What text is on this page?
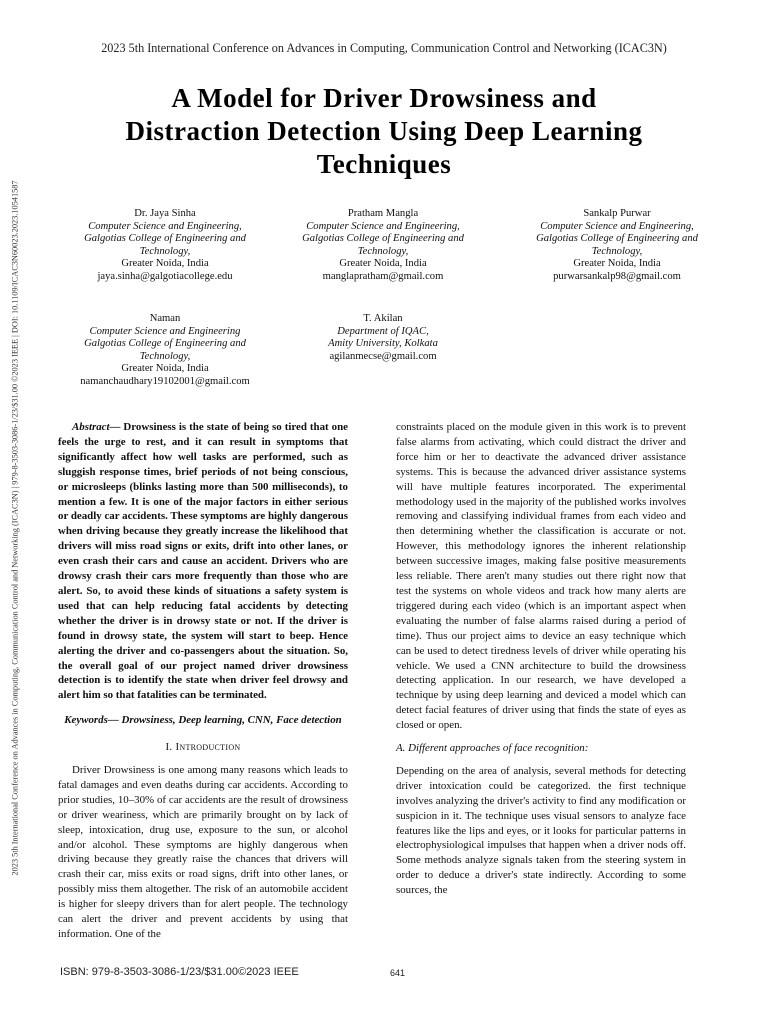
2023 5th International Conference on Advances in Computing, Communication Control and Networking (ICAC3N)
2023 5th International Conference on Advances in Computing, Communication Control and Networking (ICAC3N) | 979-8-3503-3086-1/23/$31.00 ©2023 IEEE | DOI: 10.1109/ICAC3N60023.2023.10541587
A Model for Driver Drowsiness and
Distraction Detection Using Deep Learning
Techniques
Dr. Jaya Sinha
Computer Science and Engineering,
Galgotias College of Engineering and
Technology,
Greater Noida, India
jaya.sinha@galgotiacollege.edu
Pratham Mangla
Computer Science and Engineering,
Galgotias College of Engineering and
Technology,
Greater Noida, India
manglapratham@gmail.com
Sankalp Purwar
Computer Science and Engineering,
Galgotias College of Engineering and
Technology,
Greater Noida, India
purwarsankalp98@gmail.com
Naman
Computer Science and Engineering
Galgotias College of Engineering and
Technology,
Greater Noida, India
namanchaudhary19102001@gmail.com
T. Akilan
Department of IQAC,
Amity University, Kolkata
agilanmecse@gmail.com

Abstract— Drowsiness is the state of being so tired that one feels the urge to rest, and it can result in symptoms that significantly affect how well tasks are performed, such as sluggish response times, brief periods of not being conscious, or microsleeps (blinks lasting more than 500 milliseconds), to mention a few. It is one of the major factors in either serious or deadly car accidents. These symptoms are highly dangerous when driving because they greatly increase the likelihood that drivers will miss road signs or exits, drift into other lanes, or even crash their cars and cause an accident. Drivers who are drowsy crash their cars more frequently than those who are alert. So, to avoid these kinds of situations a safety system is used that can help reducing fatal accidents by detecting whether the driver is in drowsy state or not. If the driver is found in drowsy state, the system will start to beep. Hence alerting the driver and co-passengers about the situation. So, the overall goal of our project named driver drowsiness detection is to identify the state when driver feel drowsy and alert him so that fatalities can be terminated.

Keywords— Drowsiness, Deep learning, CNN, Face detection

I. Introduction

Driver Drowsiness is one among many reasons which leads to fatal damages and even deaths during car accidents. According to prior studies, 10–30% of car accidents are the result of drowsiness or driver weariness, which are primarily brought on by lack of sleep, intoxication, drug use, exposure to the sun, or alcohol and/or alcohol. These symptoms are highly dangerous when driving because they greatly raise the chances that drivers will crash their car, miss exits or road signs, drift into other lanes, or possibly miss them altogether. The risk of an automobile accident is higher for sleepy drivers than for alert people. The technology can alert the driver and prevent accidents by using that information. One of the

constraints placed on the module given in this work is to prevent false alarms from activating, which could distract the driver and force him or her to deactivate the advanced driver assistance systems. This is because the advanced driver assistance systems will have multiple features incorporated. The experimental methodology used in the majority of the published works involves removing and classifying individual frames from each video and then determining whether the classification is accurate or not. However, this methodology ignores the inherent relationship between successive images, making false positive measurements less reliable. There aren't many studies out there right now that test the systems on whole videos and track how many alerts are triggered during each video (which is an important aspect when evaluating the number of false alarms raised during a period of time). Thus our project aims to device an easy technique which can be used to detect tiredness levels of driver while operating his vehicle. We used a CNN architecture to build the drowsiness detecting application. In our research, we have developed a technique by using deep learning and deviced a model which can detect facial features of driver using that finds the state of eyes as closed or open.

A. Different approaches of face recognition:

Depending on the area of analysis, several methods for detecting driver intoxication could be categorized. the first technique involves analyzing the driver's activity to find any modification or suspicion in it. The technique uses visual sensors to analyze face features like the lips and eyes, or it looks for particular patterns in electrophysiological impulses that happen when a driver nods off. Some methods analyze signals taken from the steering system in order to deduce a driver's state indirectly. According to some sources, the

ISBN: 979-8-3503-3086-1/23/$31.00©2023 IEEE	641
